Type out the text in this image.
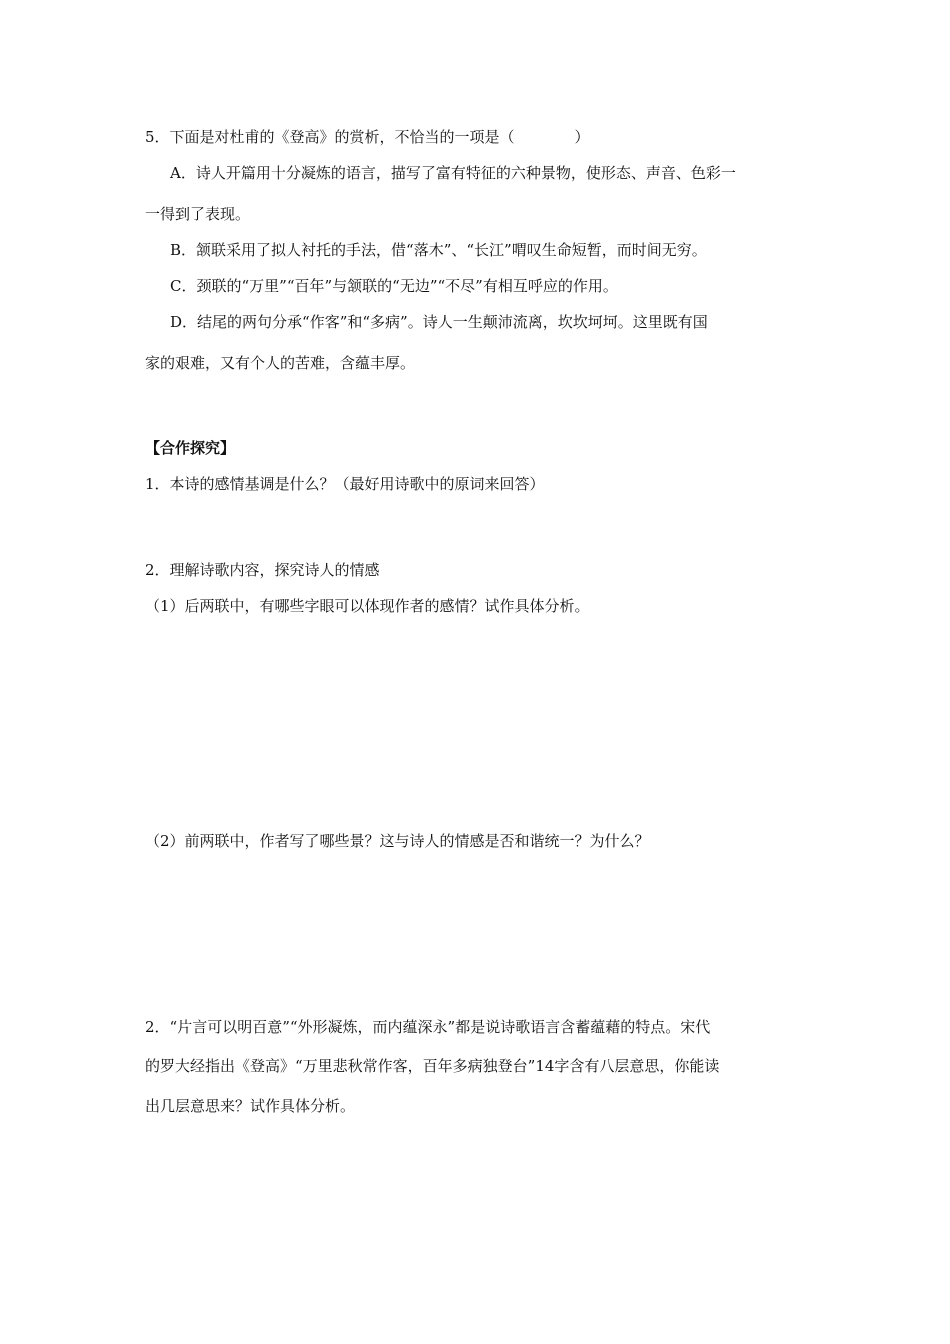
5．下面是对杜甫的《登高》的赏析，不恰当的一项是（　　　　）
A．诗人开篇用十分凝炼的语言，描写了富有特征的六种景物，使形态、声音、色彩一
一得到了表现。
B．颔联采用了拟人衬托的手法，借“落木”、“长江”喟叹生命短暂，而时间无穷。
C．颈联的“万里”“百年”与颔联的“无边”“不尽”有相互呼应的作用。
D．结尾的两句分承“作客”和“多病”。诗人一生颠沛流离，坎坎坷坷。这里既有国
家的艰难，又有个人的苦难，含蕴丰厚。
【合作探究】
1．本诗的感情基调是什么？（最好用诗歌中的原词来回答）
2．理解诗歌内容，探究诗人的情感
（1）后两联中，有哪些字眼可以体现作者的感情？试作具体分析。
（2）前两联中，作者写了哪些景？这与诗人的情感是否和谐统一？为什么？
2．“片言可以明百意”“外形凝炼，而内蕴深永”都是说诗歌语言含蓄蕴藉的特点。宋代
的罗大经指出《登高》“万里悲秋常作客，百年多病独登台”14字含有八层意思，你能读
出几层意思来？试作具体分析。
